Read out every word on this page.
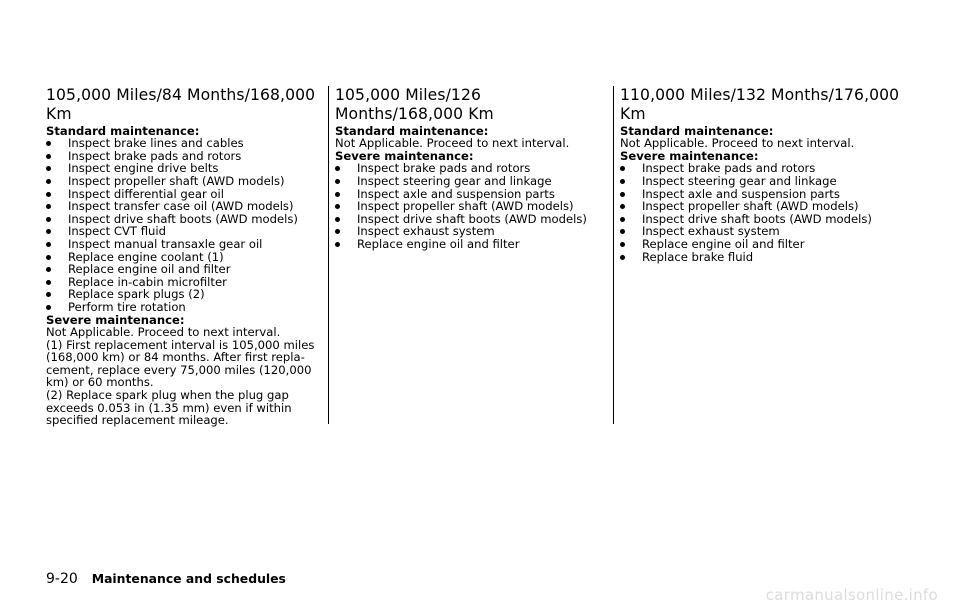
105,000 Miles/84 Months/168,000 Km
Standard maintenance:
Inspect brake lines and cables
Inspect brake pads and rotors
Inspect engine drive belts
Inspect propeller shaft (AWD models)
Inspect differential gear oil
Inspect transfer case oil (AWD models)
Inspect drive shaft boots (AWD models)
Inspect CVT fluid
Inspect manual transaxle gear oil
Replace engine coolant (1)
Replace engine oil and filter
Replace in-cabin microfilter
Replace spark plugs (2)
Perform tire rotation
Severe maintenance:

Not Applicable. Proceed to next interval.

(1) First replacement interval is 105,000 miles (168,000 km) or 84 months. After first repla-cement, replace every 75,000 miles (120,000 km) or 60 months.

(2) Replace spark plug when the plug gap exceeds 0.053 in (1.35 mm) even if within specified replacement mileage.

105,000 Miles/126 Months/168,000 Km
Standard maintenance:

Not Applicable. Proceed to next interval.

Severe maintenance:
Inspect brake pads and rotors
Inspect steering gear and linkage
Inspect axle and suspension parts
Inspect propeller shaft (AWD models)
Inspect drive shaft boots (AWD models)
Inspect exhaust system
Replace engine oil and filter
110,000 Miles/132 Months/176,000 Km
Standard maintenance:

Not Applicable. Proceed to next interval.

Severe maintenance:
Inspect brake pads and rotors
Inspect steering gear and linkage
Inspect axle and suspension parts
Inspect propeller shaft (AWD models)
Inspect drive shaft boots (AWD models)
Inspect exhaust system
Replace engine oil and filter
Replace brake fluid
9-20 Maintenance and schedules
carmanualsonline.info
